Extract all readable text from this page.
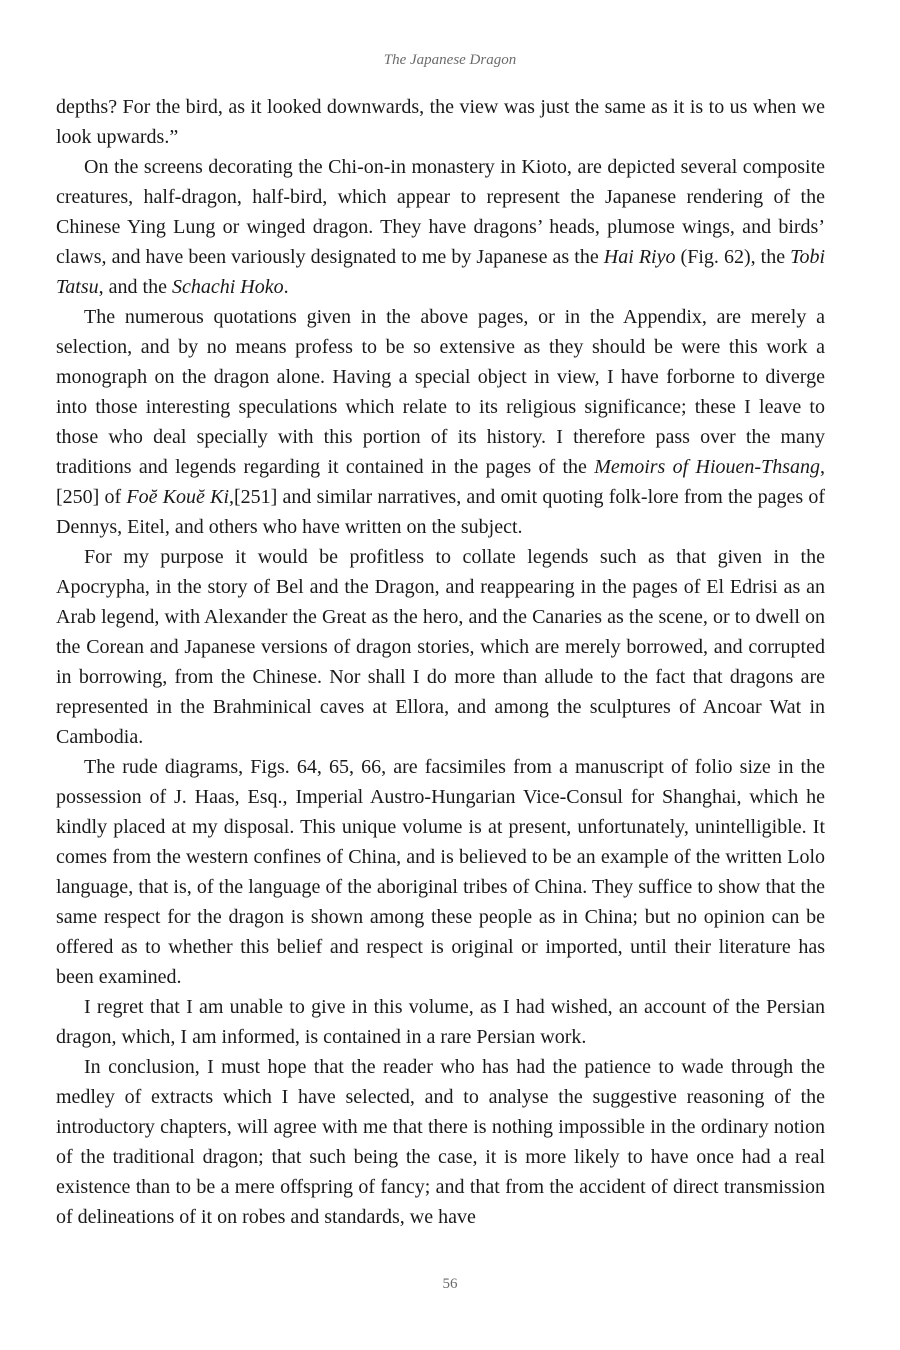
The Japanese Dragon

depths? For the bird, as it looked downwards, the view was just the same as it is to us when we look upwards.”

On the screens decorating the Chi-on-in monastery in Kioto, are depicted several composite creatures, half-dragon, half-bird, which appear to represent the Japanese rendering of the Chinese Ying Lung or winged dragon. They have dragons’ heads, plumose wings, and birds’ claws, and have been variously designated to me by Japanese as the Hai Riyo (Fig. 62), the Tobi Tatsu, and the Schachi Hoko.

The numerous quotations given in the above pages, or in the Appendix, are merely a selection, and by no means profess to be so extensive as they should be were this work a monograph on the dragon alone. Having a special object in view, I have forborne to diverge into those interesting speculations which relate to its religious significance; these I leave to those who deal specially with this portion of its history. I therefore pass over the many traditions and legends regarding it contained in the pages of the Memoirs of Hiouen-Thsang,[250] of Foĕ Kouĕ Ki,[251] and similar narratives, and omit quoting folk-lore from the pages of Dennys, Eitel, and others who have written on the subject.

For my purpose it would be profitless to collate legends such as that given in the Apocrypha, in the story of Bel and the Dragon, and reappearing in the pages of El Edrisi as an Arab legend, with Alexander the Great as the hero, and the Canaries as the scene, or to dwell on the Corean and Japanese versions of dragon stories, which are merely borrowed, and corrupted in borrowing, from the Chinese. Nor shall I do more than allude to the fact that dragons are represented in the Brahminical caves at Ellora, and among the sculptures of Ancoar Wat in Cambodia.

The rude diagrams, Figs. 64, 65, 66, are facsimiles from a manuscript of folio size in the possession of J. Haas, Esq., Imperial Austro-Hungarian Vice-Consul for Shanghai, which he kindly placed at my disposal. This unique volume is at present, unfortunately, unintelligible. It comes from the western confines of China, and is believed to be an example of the written Lolo language, that is, of the language of the aboriginal tribes of China. They suffice to show that the same respect for the dragon is shown among these people as in China; but no opinion can be offered as to whether this belief and respect is original or imported, until their literature has been examined.

I regret that I am unable to give in this volume, as I had wished, an account of the Persian dragon, which, I am informed, is contained in a rare Persian work.

In conclusion, I must hope that the reader who has had the patience to wade through the medley of extracts which I have selected, and to analyse the suggestive reasoning of the introductory chapters, will agree with me that there is nothing impossible in the ordinary notion of the traditional dragon; that such being the case, it is more likely to have once had a real existence than to be a mere offspring of fancy; and that from the accident of direct transmission of delineations of it on robes and standards, we have

56
